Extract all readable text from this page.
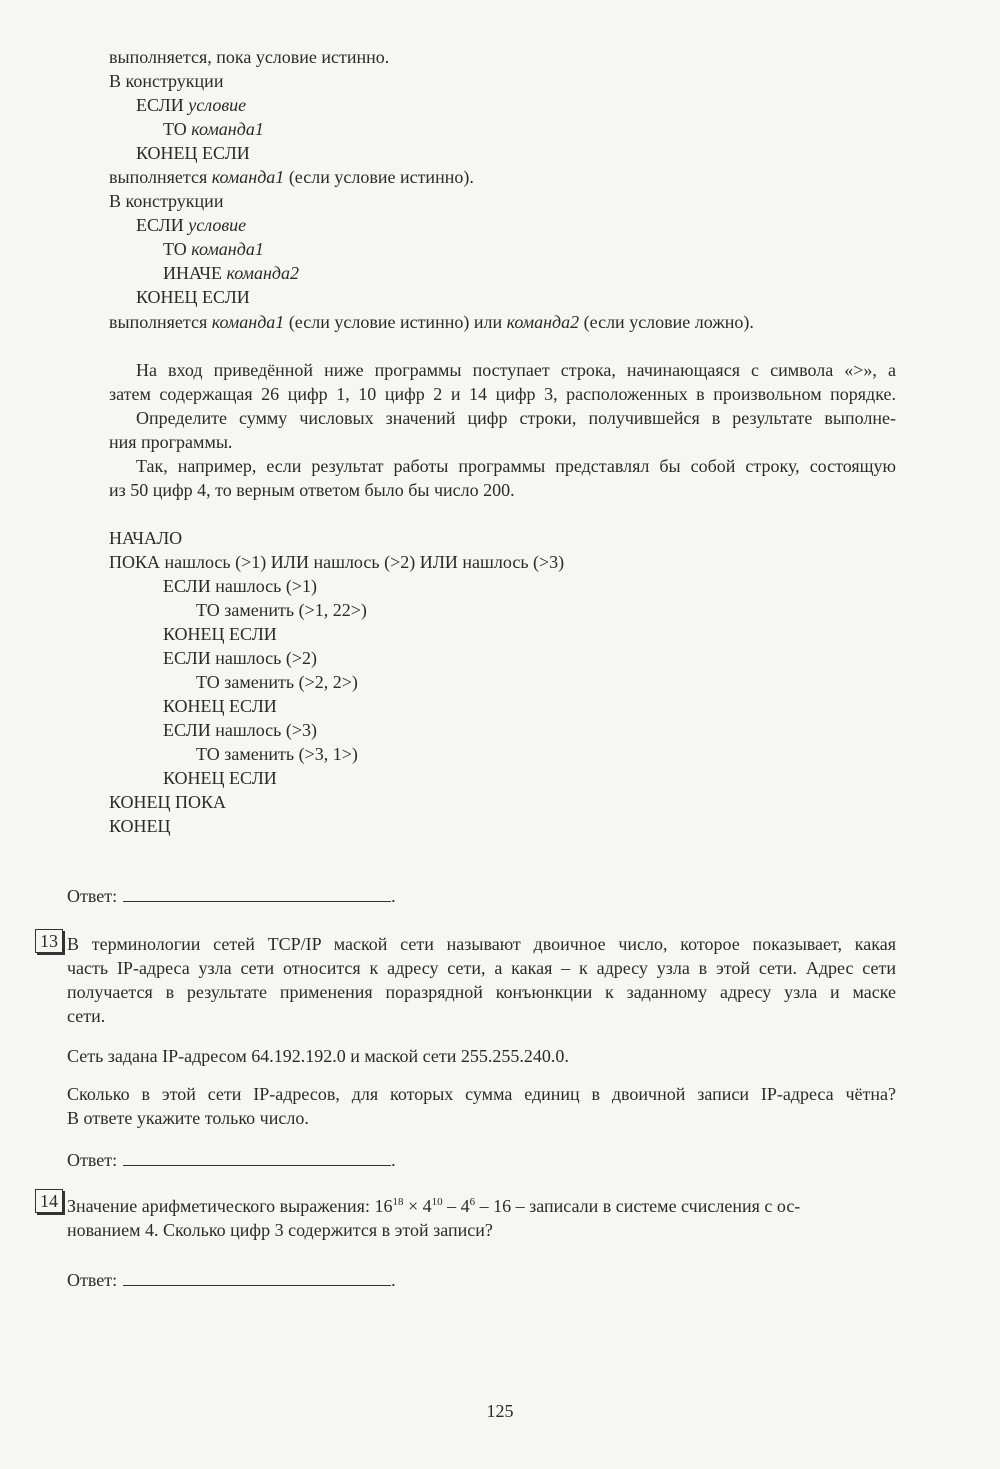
выполняется, пока условие истинно.
В конструкции
ЕСЛИ условие
ТО команда1
КОНЕЦ ЕСЛИ
выполняется команда1 (если условие истинно).
В конструкции
ЕСЛИ условие
ТО команда1
ИНАЧЕ команда2
КОНЕЦ ЕСЛИ
выполняется команда1 (если условие истинно) или команда2 (если условие ложно).
На вход приведённой ниже программы поступает строка, начинающаяся с символа «>», а
затем содержащая 26 цифр 1, 10 цифр 2 и 14 цифр 3, расположенных в произвольном порядке.
Определите сумму числовых значений цифр строки, получившейся в результате выполне-
ния программы.
Так, например, если результат работы программы представлял бы собой строку, состоящую
из 50 цифр 4, то верным ответом было бы число 200.
НАЧАЛО
ПОКА нашлось (>1) ИЛИ нашлось (>2) ИЛИ нашлось (>3)
ЕСЛИ нашлось (>1)
ТО заменить (>1, 22>)
КОНЕЦ ЕСЛИ
ЕСЛИ нашлось (>2)
ТО заменить (>2, 2>)
КОНЕЦ ЕСЛИ
ЕСЛИ нашлось (>3)
ТО заменить (>3, 1>)
КОНЕЦ ЕСЛИ
КОНЕЦ ПОКА
КОНЕЦ
Ответ:	.
13 В терминологии сетей TCP/IP маской сети называют двоичное число, которое показывает, какая
часть IP-адреса узла сети относится к адресу сети, а какая – к адресу узла в этой сети. Адрес сети
получается в результате применения поразрядной конъюнкции к заданному адресу узла и маске
сети.
Сеть задана IP-адресом 64.192.192.0 и маской сети 255.255.240.0.
Сколько в этой сети IP-адресов, для которых сумма единиц в двоичной записи IP-адреса чётна?
В ответе укажите только число.
Ответ:	.
14 Значение арифметического выражения: $16^{18} \times 4^{10} - 4^6 - 16$ – записали в системе счисления с ос-
нованием 4. Сколько цифр 3 содержится в этой записи?
Ответ:	.
125
